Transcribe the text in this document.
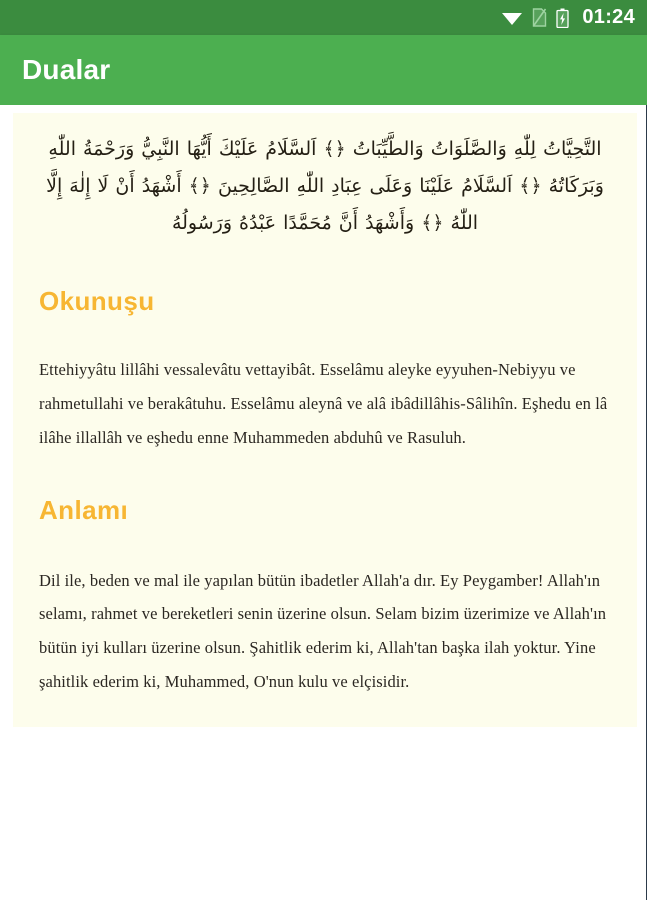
01:24
Dualar
التَّحِيَّاتُ لِلّٰهِ وَالصَّلَوَاتُ وَالطَّيِّبَاتُ ﴿﴾ اَلسَّلَامُ عَلَيْكَ أَيُّهَا النَّبِيُّ وَرَحْمَةُ اللّٰهِ وَبَرَكَاتُهُ ﴿﴾ اَلسَّلَامُ عَلَيْنَا وَعَلَى عِبَادِ اللّٰهِ الصَّالِحِينَ ﴿﴾ أَشْهَدُ أَنْ لَا إِلٰهَ إِلَّا اللّٰهُ ﴿﴾ وَأَشْهَدُ أَنَّ مُحَمَّدًا عَبْدُهُ وَرَسُولُهُ
Okunuşu
Ettehiyyâtu lillâhi vessalevâtu vettayibât. Esselâmu aleyke eyyuhen-Nebiyyu ve rahmetullahi ve berakâtuhu. Esselâmu aleynâ ve alâ ibâdillâhis-Sâlihîn. Eşhedu en lâ ilâhe illallâh ve eşhedu enne Muhammeden abduhû ve Rasuluh.
Anlamı
Dil ile, beden ve mal ile yapılan bütün ibadetler Allah'a dır. Ey Peygamber! Allah'ın selamı, rahmet ve bereketleri senin üzerine olsun. Selam bizim üzerimize ve Allah'ın bütün iyi kulları üzerine olsun. Şahitlik ederim ki, Allah'tan başka ilah yoktur. Yine şahitlik ederim ki, Muhammed, O'nun kulu ve elçisidir.
